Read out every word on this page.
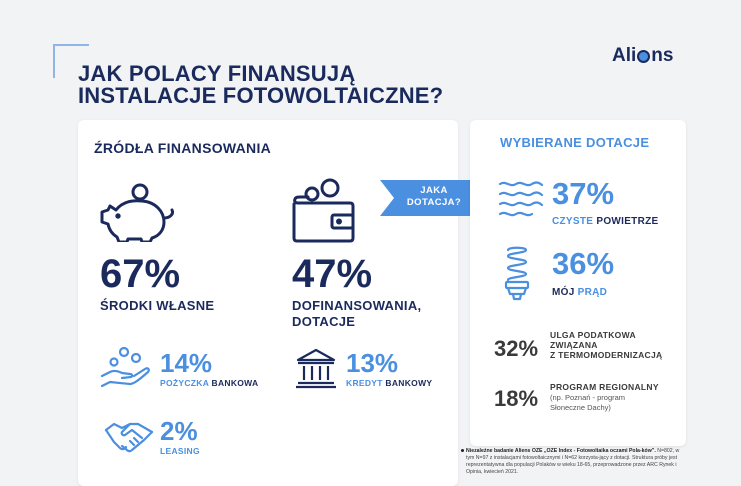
JAK POLACY FINANSUJĄ
INSTALACJE FOTOWOLTAICZNE?
Ali ns
ŹRÓDŁA FINANSOWANIA
67%
ŚRODKI WŁASNE
47%
DOFINANSOWANIA,
DOTACJE
14%
POŻYCZKA BANKOWA
13%
KREDYT BANKOWY
2%
LEASING
JAKA
DOTACJA?
WYBIERANE DOTACJE
37%
CZYSTE POWIETRZE
36%
MÓJ PRĄD
32%
ULGA PODATKOWA
ZWIĄZANA
Z TERMOMODERNIZACJĄ
18% PROGRAM REGIONALNY
(np. Poznań - program
Słoneczne Dachy)
Niezależne badanie Aliens OZE „OZE Index - Fotowoltaika oczami Pola-ków”. N=802, w tym N=97 z instalacjami fotowoltaicznymi i N=62 korzysta-jący z dotacji. Struktura próby jest reprezentatywna dla populacji Polaków w wieku 18-65, przeprowadzone przez ARC Rynek i Opinia, kwiecień 2021.
